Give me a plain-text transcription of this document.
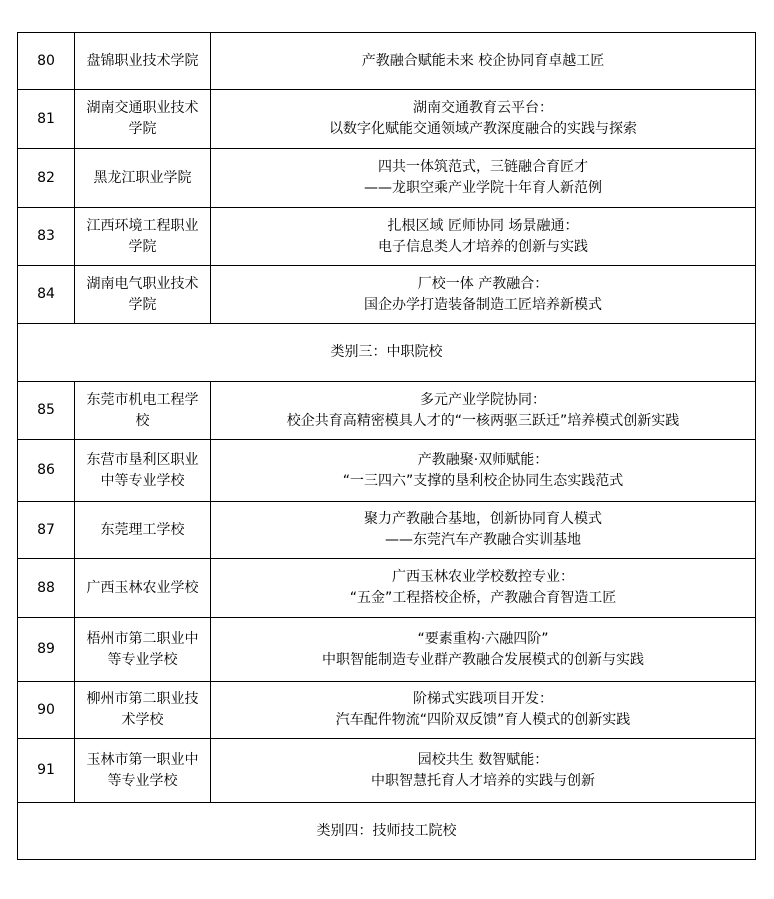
80	盘锦职业技术学院	产教融合赋能未来 校企协同育卓越工匠

81	湖南交通职业技术学院	湖南交通教育云平台：
以数字化赋能交通领域产教深度融合的实践与探索

82	黑龙江职业学院	四共一体筑范式，三链融合育匠才
——龙职空乘产业学院十年育人新范例

83	江西环境工程职业学院	扎根区域 匠师协同 场景融通：
电子信息类人才培养的创新与实践

84	湖南电气职业技术学院	厂校一体 产教融合：
国企办学打造装备制造工匠培养新模式

类别三：中职院校		
85	东莞市机电工程学校	多元产业学院协同：
校企共育高精密模具人才的“一核两驱三跃迁”培养模式创新实践

86	东营市垦利区职业中等专业学校	产教融聚·双师赋能：
“一三四六”支撑的垦利校企协同生态实践范式

87	东莞理工学校	聚力产教融合基地，创新协同育人模式
——东莞汽车产教融合实训基地

88	广西玉林农业学校	广西玉林农业学校数控专业：
“五金”工程搭校企桥，产教融合育智造工匠

89	梧州市第二职业中等专业学校	“要素重构·六融四阶”
中职智能制造专业群产教融合发展模式的创新与实践

90	柳州市第二职业技术学校	阶梯式实践项目开发：
汽车配件物流“四阶双反馈”育人模式的创新实践

91	玉林市第一职业中等专业学校	园校共生 数智赋能：
中职智慧托育人才培养的实践与创新

类别四：技师技工院校		
